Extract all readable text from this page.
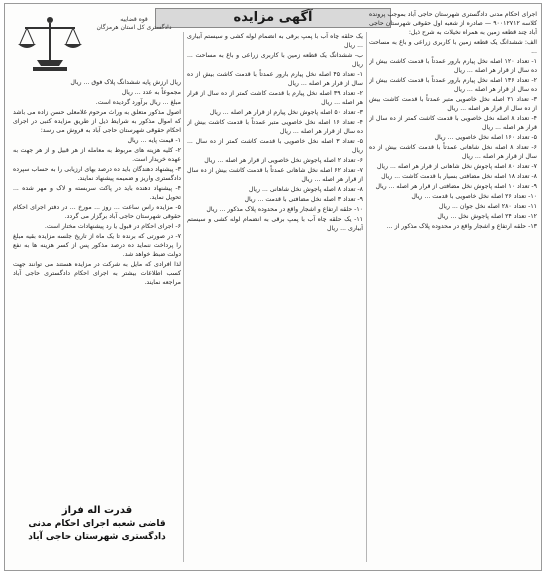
آگهی مزایده
قوه قضاییه
دادگستری کل استان هرمزگان

اجرای احکام مدنی دادگستری شهرستان حاجی آباد بموجب پرونده کلاسه ۹۰۰۱۲۷۱۲ — صادره از شعبه اول حقوقی شهرستان حاجی آباد چند قطعه زمین به همراه نخیلات به شرح ذیل:

الف: ششدانگ یک قطعه زمین با کاربری زراعی و باغ به مساحت ...

۱- تعداد ۱۲۰ اصله نخل پیارم بارور عمدتاً با قدمت کاشت بیش از ده سال از قرار هر اصله ... ریال

۲- تعداد ۱۳۶ اصله نخل پیارم بارور عمدتاً با قدمت کاشت بیش از ده سال از قرار هر اصله ... ریال

۳- تعداد ۲۱ اصله نخل خاصویی متبر عمدتاً با قدمت کاشت بیش از ده سال از قرار هر اصله ... ریال

۴- تعداد ۸ اصله نخل خاصویی با قدمت کاشت کمتر از ده سال از قرار هر اصله ... ریال

۵- تعداد ۱۶۰ اصله نخل خاصویی ... ریال

۶- تعداد ۸ اصله نخل شاهانی عمدتاً با قدمت کاشت بیش از ده سال از قرار هر اصله ... ریال

۷- تعداد ۸۰ اصله پاجوش نخل شاهانی از قرار هر اصله ... ریال

۸- تعداد ۱۸ اصله نخل مضافتی بسیار با قدمت کاشت ... ریال

۹- تعداد ۱۰ اصله پاجوش نخل مضافتی از قرار هر اصله ... ریال

۱۰- تعداد ۲۶ اصله نخل خاصویی با قدمت ... ریال

۱۱- تعداد ۲۸۰ اصله نخل جوان ... ریال

۱۲- تعداد ۲۴ اصله پاجوش نخل ... ریال

۱۳- حلقه ارتفاع و اشجار واقع در محدوده پلاک مذکور از ...

یک حلقه چاه آب با پمپ برقی به انضمام لوله کشی و سیستم آبیاری ... ریال

ب- ششدانگ یک قطعه زمین با کاربری زراعی و باغ به مساحت ... ریال

۱- تعداد ۴۵ اصله نخل پیارم بارور عمدتاً با قدمت کاشت بیش از ده سال از قرار هر اصله ... ریال

۲- تعداد ۳۹ اصله نخل پیارم با قدمت کاشت کمتر از ده سال از قرار هر اصله ... ریال

۳- تعداد ۵۰ اصله پاجوش نخل پیارم از قرار هر اصله ... ریال

۴- تعداد ۱۶ اصله نخل خاصویی متبر عمدتاً با قدمت کاشت بیش از ده سال از قرار هر اصله ... ریال

۵- تعداد ۳ اصله نخل خاصویی با قدمت کاشت کمتر از ده سال ... ریال

۶- تعداد ۲ اصله پاجوش نخل خاصویی از قرار هر اصله ... ریال

۷- تعداد ۶۲ اصله نخل شاهانی عمدتاً با قدمت کاشت بیش از ده سال از قرار هر اصله ... ریال

۸- تعداد ۸ اصله پاجوش نخل شاهانی ... ریال

۹- تعداد ۳ اصله نخل مضافتی با قدمت ... ریال

۱۰- حلقه ارتفاع و اشجار واقع در محدوده پلاک مذکور ... ریال

۱۱- یک حلقه چاه آب با پمپ برقی به انضمام لوله کشی و سیستم آبیاری ... ریال

ریال ارزش پایه ششدانگ پلاک فوق ... ریال

مجموعاً به عدد ... ریال

مبلغ ... ریال برآورد گردیده است.

اصول مذکور متعلق به وراث مرحوم غلامعلی حسن زاده می باشد که اموال مذکور به شرایط ذیل از طریق مزایده کتبی در اجرای احکام حقوقی شهرستان حاجی آباد به فروش می رسد:

۱- قیمت پایه ... ریال

۲- کلیه هزینه های مربوط به معامله از هر قبیل و از هر جهت به عهده خریدار است.

۳- پیشنهاد دهندگان باید ده درصد بهای ارزیابی را به حساب سپرده دادگستری واریز و ضمیمه پیشنهاد نمایند.

۴- پیشنهاد دهنده باید در پاکت سربسته و لاک و مهر شده ... تحویل نماید.

۵- مزایده راس ساعت ... روز ... مورخ ... در دفتر اجرای احکام حقوقی شهرستان حاجی آباد برگزار می گردد.

۶- اجرای احکام در قبول یا رد پیشنهادات مختار است.

۷- در صورتی که برنده تا یک ماه از تاریخ جلسه مزایده بقیه مبلغ را پرداخت ننماید ده درصد مذکور پس از کسر هزینه ها به نفع دولت ضبط خواهد شد.

لذا افرادی که مایل به شرکت در مزایده هستند می توانند جهت کسب اطلاعات بیشتر به اجرای احکام دادگستری حاجی آباد مراجعه نمایند.

قدرت اله فراز
قاضی شعبه اجرای احکام مدنی دادگستری شهرستان حاجی آباد
